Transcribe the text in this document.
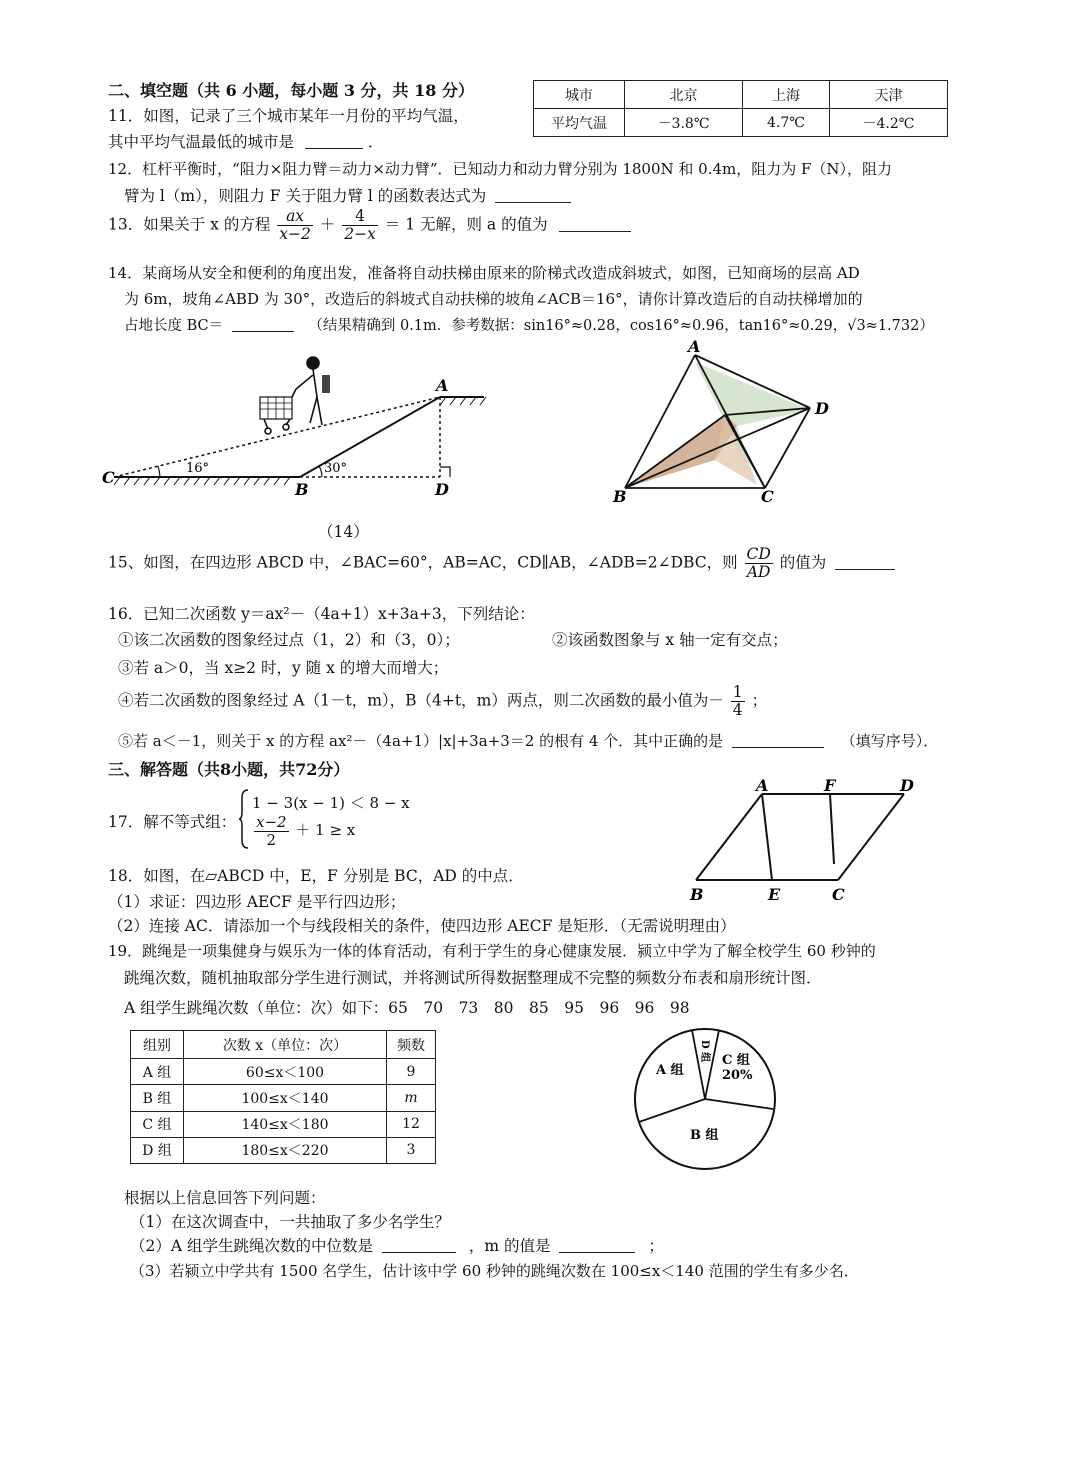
二、填空题（共 6 小题，每小题 3 分，共 18 分）
11．如图，记录了三个城市某年一月份的平均气温，
其中平均气温最低的城市是	．
城市	北京	上海	天津
平均气温	－3.8℃	4.7℃	－4.2℃
12．杠杆平衡时，“阻力×阻力臂＝动力×动力臂”．已知动力和动力臂分别为 1800N 和 0.4m，阻力为 F（N），阻力
臂为 l（m），则阻力 F 关于阻力臂 l 的函数表达式为
13．如果关于 x 的方程 $\frac{ax}{x-2} + \frac{4}{2-x} = 1$ 无解，则 a 的值为
14．某商场从安全和便利的角度出发，准备将自动扶梯由原来的阶梯式改造成斜坡式，如图，已知商场的层高 AD
为 6m，坡角∠ABD 为 30°，改造后的斜坡式自动扶梯的坡角∠ACB＝16°，请你计算改造后的自动扶梯增加的
占地长度 BC＝	（结果精确到 0.1m．参考数据：sin16°≈0.28，cos16°≈0.96，tan16°≈0.29，√3≈1.732）
A
B
C
D
16°	30°
（14）
A
B	C
D
15、如图，在四边形 ABCD 中，∠BAC=60°，AB=AC，CD∥AB，∠ADB=2∠DBC，则 $\frac{CD}{AD}$ 的值为
16．已知二次函数 y＝ax²－（4a+1）x+3a+3，下列结论：
①该二次函数的图象经过点（1，2）和（3，0）；	②该函数图象与 x 轴一定有交点；
③若 a＞0，当 x≥2 时，y 随 x 的增大而增大；
④若二次函数的图象经过 A（1－t，m），B（4+t，m）两点，则二次函数的最小值为－ $\frac{1}{4}$ ；
⑤若 a＜－1，则关于 x 的方程 ax²－（4a+1）|x|+3a+3＝2 的根有 4 个．其中正确的是	（填写序号）．
三、解答题（共8小题，共72分）
17．解不等式组：
1 − 3(x − 1) ＜ 8 − x
$\frac{x-2}{2} + 1 \ge x$
A	F	D
B	E	C
18．如图，在▱ABCD 中，E，F 分别是 BC，AD 的中点．
（1）求证：四边形 AECF 是平行四边形；
（2）连接 AC．请添加一个与线段相关的条件，使四边形 AECF 是矩形．（无需说明理由）
19．跳绳是一项集健身与娱乐为一体的体育活动，有利于学生的身心健康发展．颍立中学为了解全校学生 60 秒钟的
跳绳次数，随机抽取部分学生进行测试，并将测试所得数据整理成不完整的频数分布表和扇形统计图．
A 组学生跳绳次数（单位：次）如下：65　70　73　80　85　95　96　96　98
组别	次数 x（单位：次）	频数
A 组	60≤x＜100	9
B 组	100≤x＜140	m
C 组	140≤x＜180	12
D 组	180≤x＜220	3
A 组
B 组
C 组
20%
D 组
根据以上信息回答下列问题：
（1）在这次调查中，一共抽取了多少名学生？
（2）A 组学生跳绳次数的中位数是	，m 的值是	；
（3）若颍立中学共有 1500 名学生，估计该中学 60 秒钟的跳绳次数在 100≤x＜140 范围的学生有多少名．
